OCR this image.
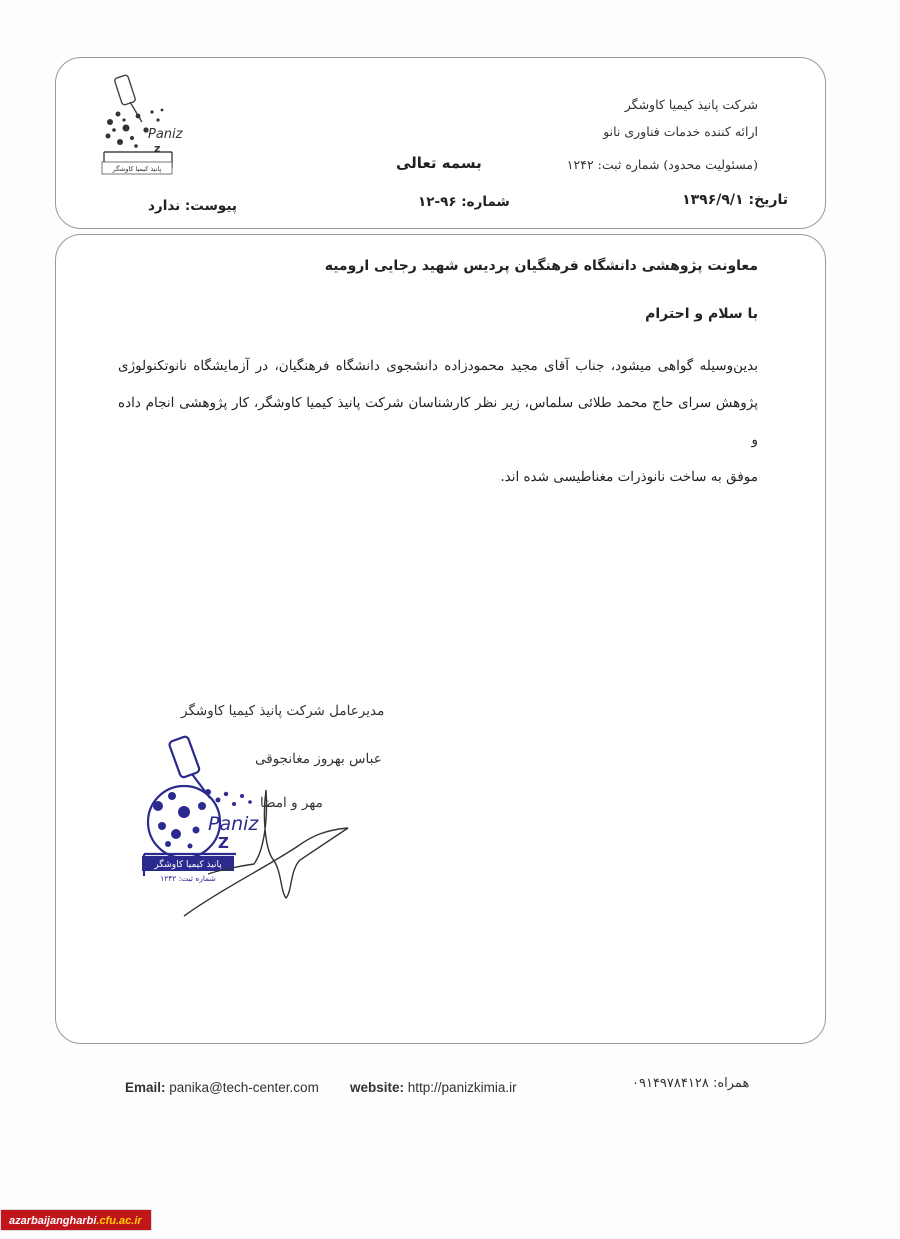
Paniz
z
پانیذ کیمیا کاوشگر
شرکت پانیذ کیمیا کاوشگر
ارائه کننده خدمات فناوری نانو
(مسئولیت محدود) شماره ثبت: ۱۲۴۲
بسمه تعالی
تاریخ: ۱۳۹۶/۹/۱
شماره: ۹۶-۱۲
پیوست: ندارد
معاونت پژوهشی دانشگاه فرهنگیان پردیس شهید رجایی ارومیه
با سلام و احترام
بدین‌وسیله گواهی میشود، جناب آقای مجید محمودزاده دانشجوی دانشگاه فرهنگیان، در آزمایشگاه نانوتکنولوژی
پژوهش سرای حاج محمد طلائی سلماس، زیر نظر کارشناسان شرکت پانیذ کیمیا کاوشگر، کار پژوهشی انجام داده و
موفق به ساخت نانوذرات مغناطیسی شده اند.
مدیرعامل شرکت پانیذ کیمیا کاوشگر
عباس بهروز مغانجوقی
مهر و امضا
Paniz
Z
پانیذ کیمیا کاوشگر
شماره ثبت: ۱۲۴۲
Email: panika@tech-center.com website: http://panizkimia.ir	همراه: ۰۹۱۴۹۷۸۴۱۲۸
azarbaijangharbi.cfu.ac.ir
